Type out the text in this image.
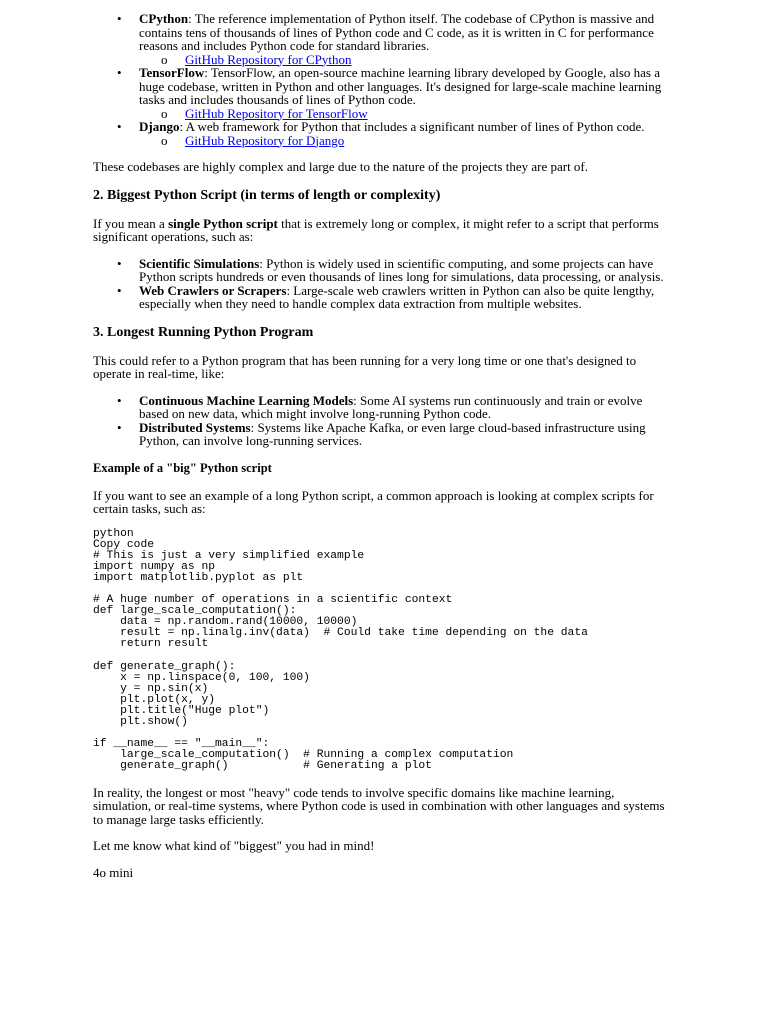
• CPython: The reference implementation of Python itself. The codebase of CPython is massive and contains tens of thousands of lines of Python code and C code, as it is written in C for performance reasons and includes Python code for standard libraries.
o GitHub Repository for CPython
• TensorFlow: TensorFlow, an open-source machine learning library developed by Google, also has a huge codebase, written in Python and other languages. It's designed for large-scale machine learning tasks and includes thousands of lines of Python code.
o GitHub Repository for TensorFlow
• Django: A web framework for Python that includes a significant number of lines of Python code.
o GitHub Repository for Django

These codebases are highly complex and large due to the nature of the projects they are part of.

2. Biggest Python Script (in terms of length or complexity)

If you mean a single Python script that is extremely long or complex, it might refer to a script that performs significant operations, such as:

• Scientific Simulations: Python is widely used in scientific computing, and some projects can have Python scripts hundreds or even thousands of lines long for simulations, data processing, or analysis.
• Web Crawlers or Scrapers: Large-scale web crawlers written in Python can also be quite lengthy, especially when they need to handle complex data extraction from multiple websites.
3. Longest Running Python Program

This could refer to a Python program that has been running for a very long time or one that's designed to operate in real-time, like:

• Continuous Machine Learning Models: Some AI systems run continuously and train or evolve based on new data, which might involve long-running Python code.
• Distributed Systems: Systems like Apache Kafka, or even large cloud-based infrastructure using Python, can involve long-running services.
Example of a "big" Python script

If you want to see an example of a long Python script, a common approach is looking at complex scripts for certain tasks, such as:

python
Copy code
# This is just a very simplified example
import numpy as np
import matplotlib.pyplot as plt

# A huge number of operations in a scientific context
def large_scale_computation():
data = np.random.rand(10000, 10000)
result = np.linalg.inv(data)  # Could take time depending on the data
return result

def generate_graph():
x = np.linspace(0, 100, 100)
y = np.sin(x)
plt.plot(x, y)
plt.title("Huge plot")
plt.show()

if __name__ == "__main__":
large_scale_computation()  # Running a complex computation
generate_graph()           # Generating a plot

In reality, the longest or most "heavy" code tends to involve specific domains like machine learning, simulation, or real-time systems, where Python code is used in combination with other languages and systems to manage large tasks efficiently.

Let me know what kind of "biggest" you had in mind!

4o mini
